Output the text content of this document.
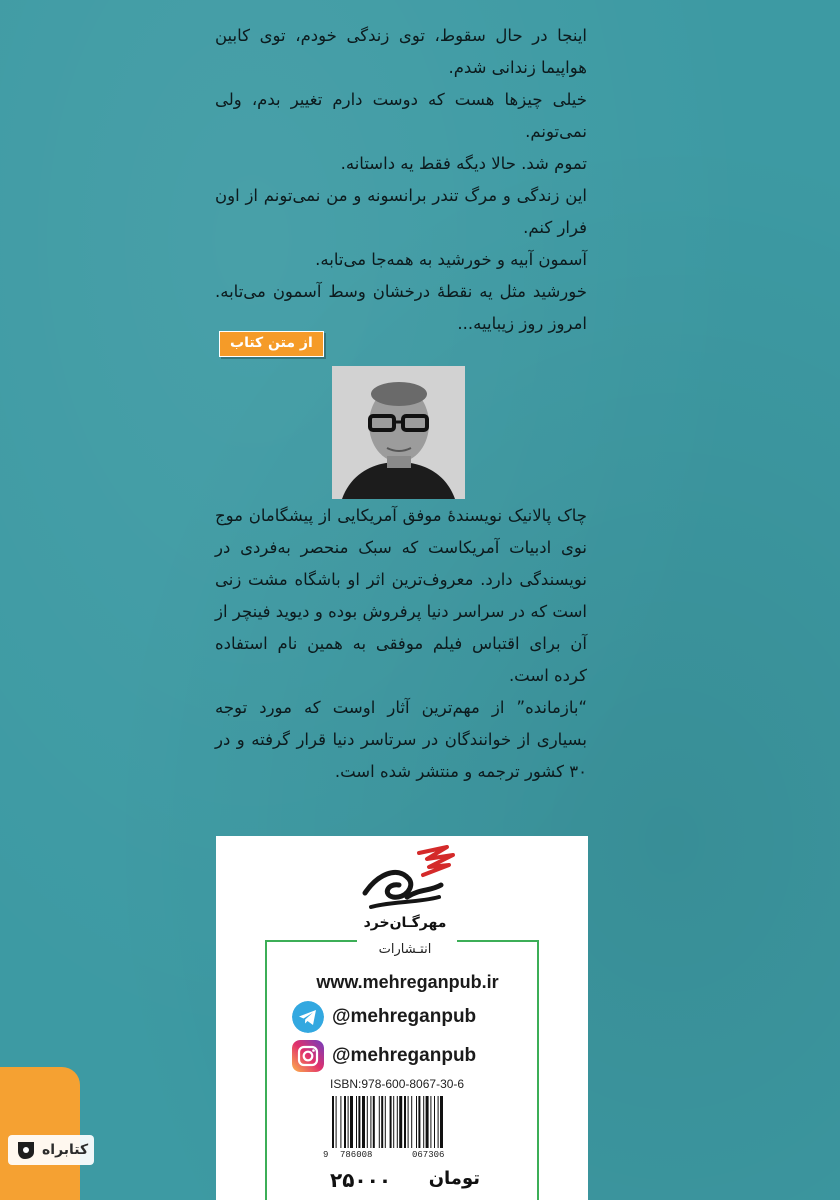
اینجا در حال سقوط، توی زندگی خودم، توی کابین هواپیما زندانی شدم.

خیلی چیزها هست که دوست دارم تغییر بدم، ولی نمی‌تونم.

تموم شد. حالا دیگه فقط یه داستانه.

این زندگی و مرگ تندر برانسونه و من نمی‌تونم از اون فرار کنم.

آسمون آبیه و خورشید به همه‌جا می‌تابه.

خورشید مثل یه نقطهٔ درخشان وسط آسمون می‌تابه. امروز روز زیباییه...

از متن کتاب

چاک پالانیک نویسندهٔ موفق آمریکایی از پیشگامان موج نوی ادبیات آمریکاست که سبک منحصر به‌فردی در نویسندگی دارد. معروف‌ترین اثر او باشگاه مشت زنی است که در سراسر دنیا پرفروش بوده و دیوید فینچر از آن برای اقتباس فیلم موفقی به همین نام استفاده کرده است.

“بازمانده” از مهم‌ترین آثار اوست که مورد توجه بسیاری از خوانندگان در سرتاسر دنیا قرار گرفته و در ۳۰ کشور ترجمه و منتشر شده است.

مهرگـان‌خرد
انتـشارات
www.mehreganpub.ir
@mehreganpub
@mehreganpub
ISBN:978-600-8067-30-6
9 786008	067306
تومان
۲۵۰۰۰
کتابراه
